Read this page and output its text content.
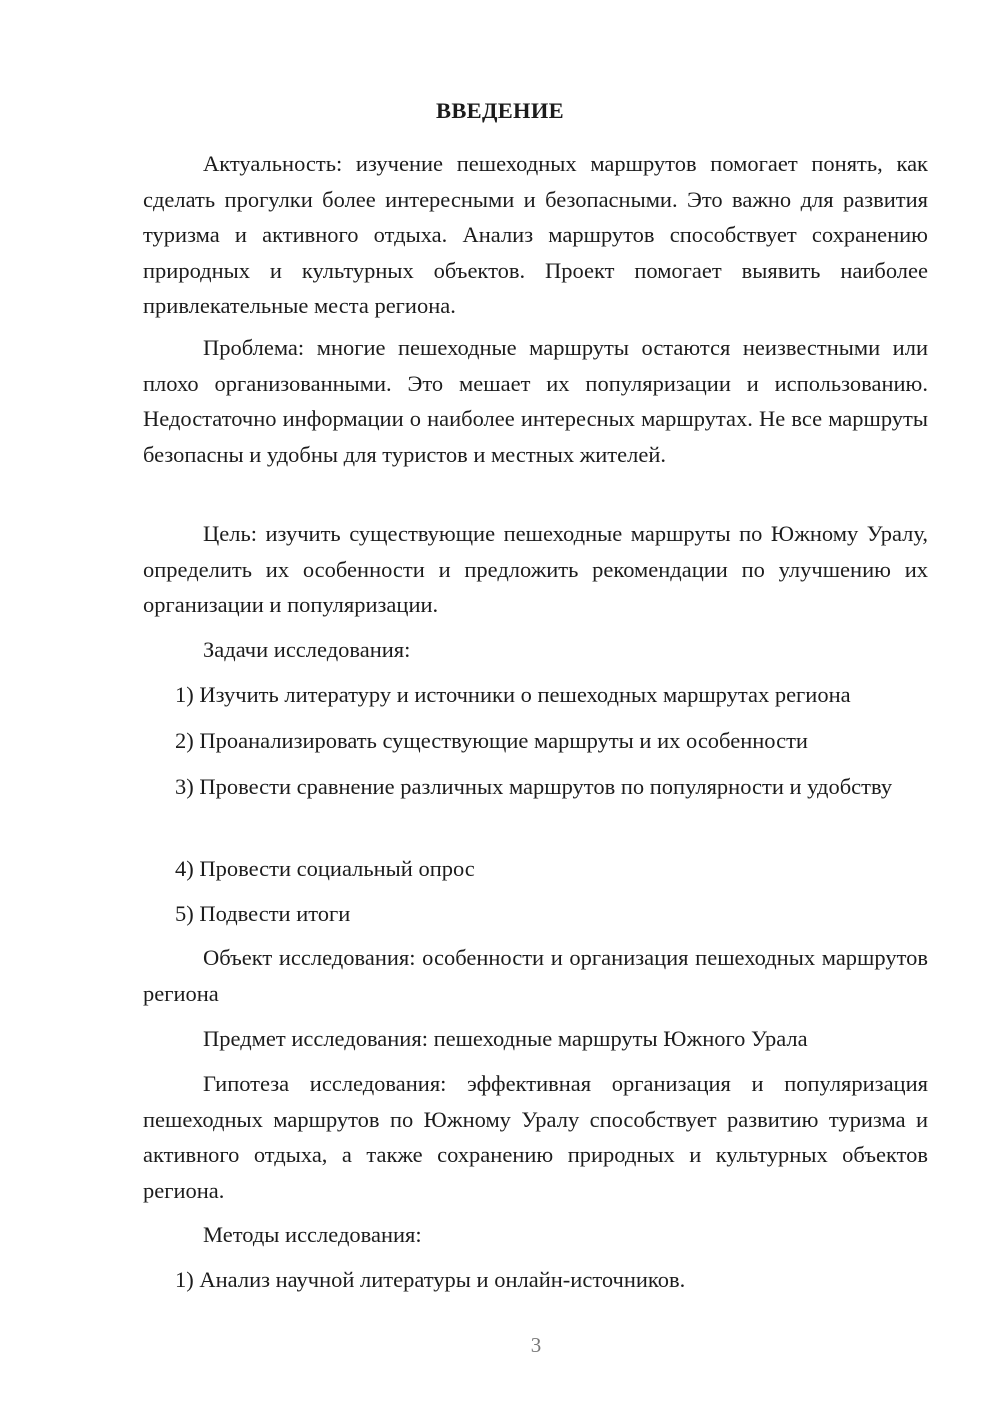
ВВЕДЕНИЕ

Актуальность: изучение пешеходных маршрутов помогает понять, как сделать прогулки более интересными и безопасными. Это важно для развития туризма и активного отдыха. Анализ маршрутов способствует сохранению природных и культурных объектов. Проект помогает выявить наиболее привлекательные места региона.

Проблема: многие пешеходные маршруты остаются неизвестными или плохо организованными. Это мешает их популяризации и использованию. Недостаточно информации о наиболее интересных маршрутах. Не все маршруты безопасны и удобны для туристов и местных жителей.

Цель: изучить существующие пешеходные маршруты по Южному Уралу, определить их особенности и предложить рекомендации по улучшению их организации и популяризации.

Задачи исследования:

1) Изучить литературу и источники о пешеходных маршрутах региона

2) Проанализировать существующие маршруты и их особенности

3) Провести сравнение различных маршрутов по популярности и удобству

4) Провести социальный опрос

5) Подвести итоги

Объект исследования: особенности и организация пешеходных маршрутов региона

Предмет исследования: пешеходные маршруты Южного Урала

Гипотеза исследования: эффективная организация и популяризация пешеходных маршрутов по Южному Уралу способствует развитию туризма и активного отдыха, а также сохранению природных и культурных объектов региона.

Методы исследования:

1) Анализ научной литературы и онлайн-источников.

3
